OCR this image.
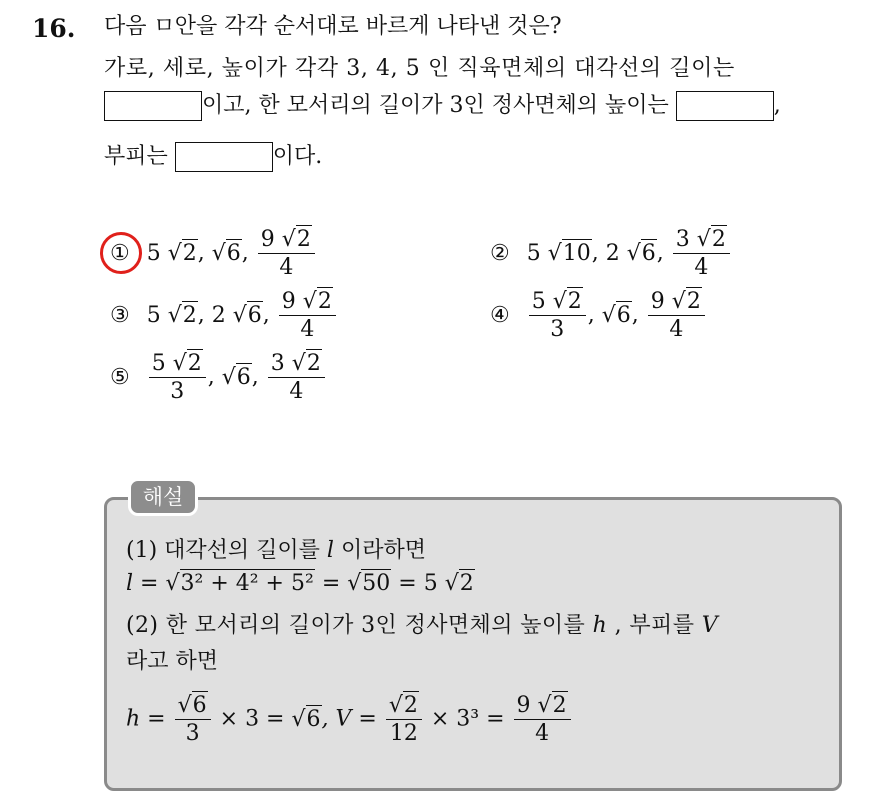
16. 다음 ㅁ안을 각각 순서대로 바르게 나타낸 것은?
가로, 세로, 높이가 각각 3, 4, 5 인 직육면체의 대각선의 길이는
이고, 한 모서리의 길이가 3인 정사면체의 높이는	,
부피는	이다.
① 5 √2, √6, $\frac{9 √2}{4}$	② 5 √10, 2 √6, $\frac{3 √2}{4}$
③ 5 √2, 2 √6, $\frac{9 √2}{4}$	④ $\frac{5 √2}{3}$ , √6, $\frac{9 √2}{4}$
⑤ $\frac{5 √2}{3}$ , √6, $\frac{3 √2}{4}$
해설
(1) 대각선의 길이를 l 이라하면
l = √3² + 4² + 5² = √50 = 5 √2
(2) 한 모서리의 길이가 3인 정사면체의 높이를 h , 부피를 V
라고 하면
$h = \frac{√6}{3} \times 3 = √6$, $V = \frac{√2}{12} \times 3^3 = \frac{9 √2}{4}$
